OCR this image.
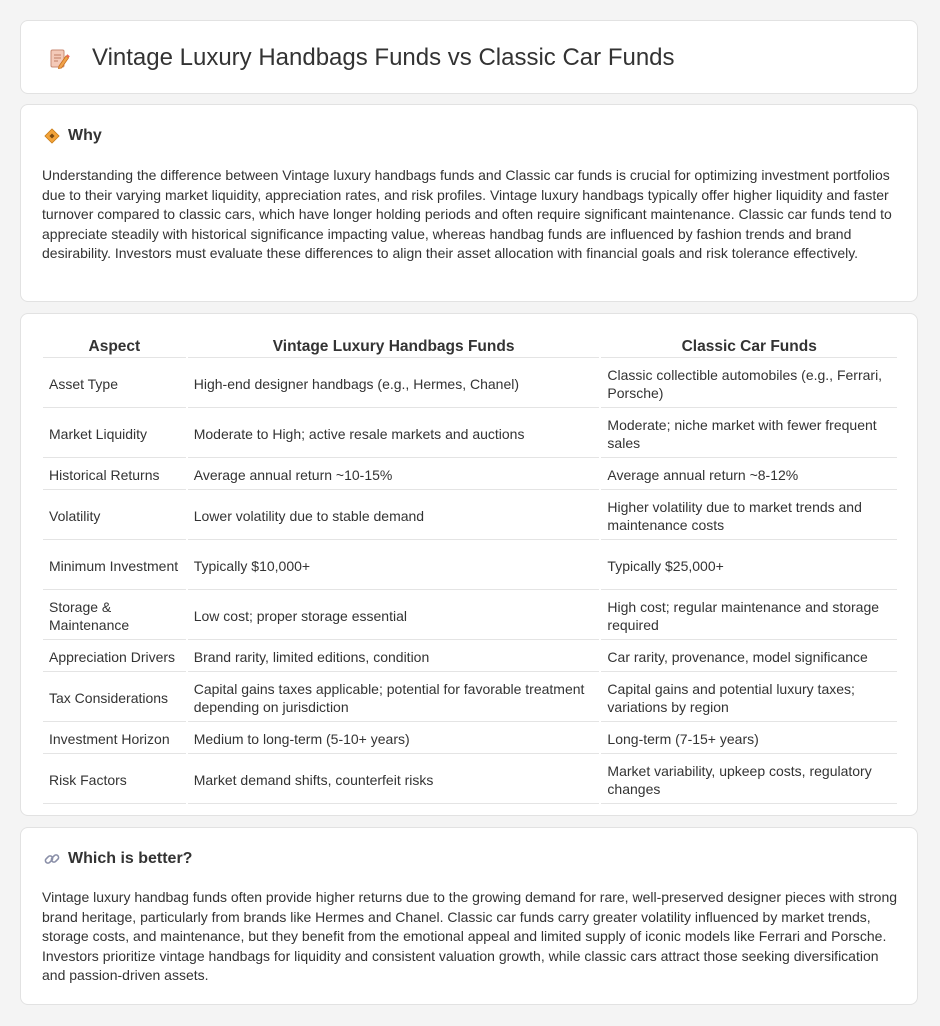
Vintage Luxury Handbags Funds vs Classic Car Funds
Why

Understanding the difference between Vintage luxury handbags funds and Classic car funds is crucial for optimizing investment portfolios due to their varying market liquidity, appreciation rates, and risk profiles. Vintage luxury handbags typically offer higher liquidity and faster turnover compared to classic cars, which have longer holding periods and often require significant maintenance. Classic car funds tend to appreciate steadily with historical significance impacting value, whereas handbag funds are influenced by fashion trends and brand desirability. Investors must evaluate these differences to align their asset allocation with financial goals and risk tolerance effectively.

Aspect	Vintage Luxury Handbags Funds	Classic Car Funds
Asset Type	High-end designer handbags (e.g., Hermes, Chanel)	Classic collectible automobiles (e.g., Ferrari, Porsche)
Market Liquidity	Moderate to High; active resale markets and auctions	Moderate; niche market with fewer frequent sales
Historical Returns	Average annual return ~10-15%	Average annual return ~8-12%
Volatility	Lower volatility due to stable demand	Higher volatility due to market trends and maintenance costs
Minimum Investment	Typically $10,000+	Typically $25,000+
Storage & Maintenance	Low cost; proper storage essential	High cost; regular maintenance and storage required
Appreciation Drivers	Brand rarity, limited editions, condition	Car rarity, provenance, model significance
Tax Considerations	Capital gains taxes applicable; potential for favorable treatment depending on jurisdiction	Capital gains and potential luxury taxes; variations by region
Investment Horizon	Medium to long-term (5-10+ years)	Long-term (7-15+ years)
Risk Factors	Market demand shifts, counterfeit risks	Market variability, upkeep costs, regulatory changes
Which is better?

Vintage luxury handbag funds often provide higher returns due to the growing demand for rare, well-preserved designer pieces with strong brand heritage, particularly from brands like Hermes and Chanel. Classic car funds carry greater volatility influenced by market trends, storage costs, and maintenance, but they benefit from the emotional appeal and limited supply of iconic models like Ferrari and Porsche. Investors prioritize vintage handbags for liquidity and consistent valuation growth, while classic cars attract those seeking diversification and passion-driven assets.
